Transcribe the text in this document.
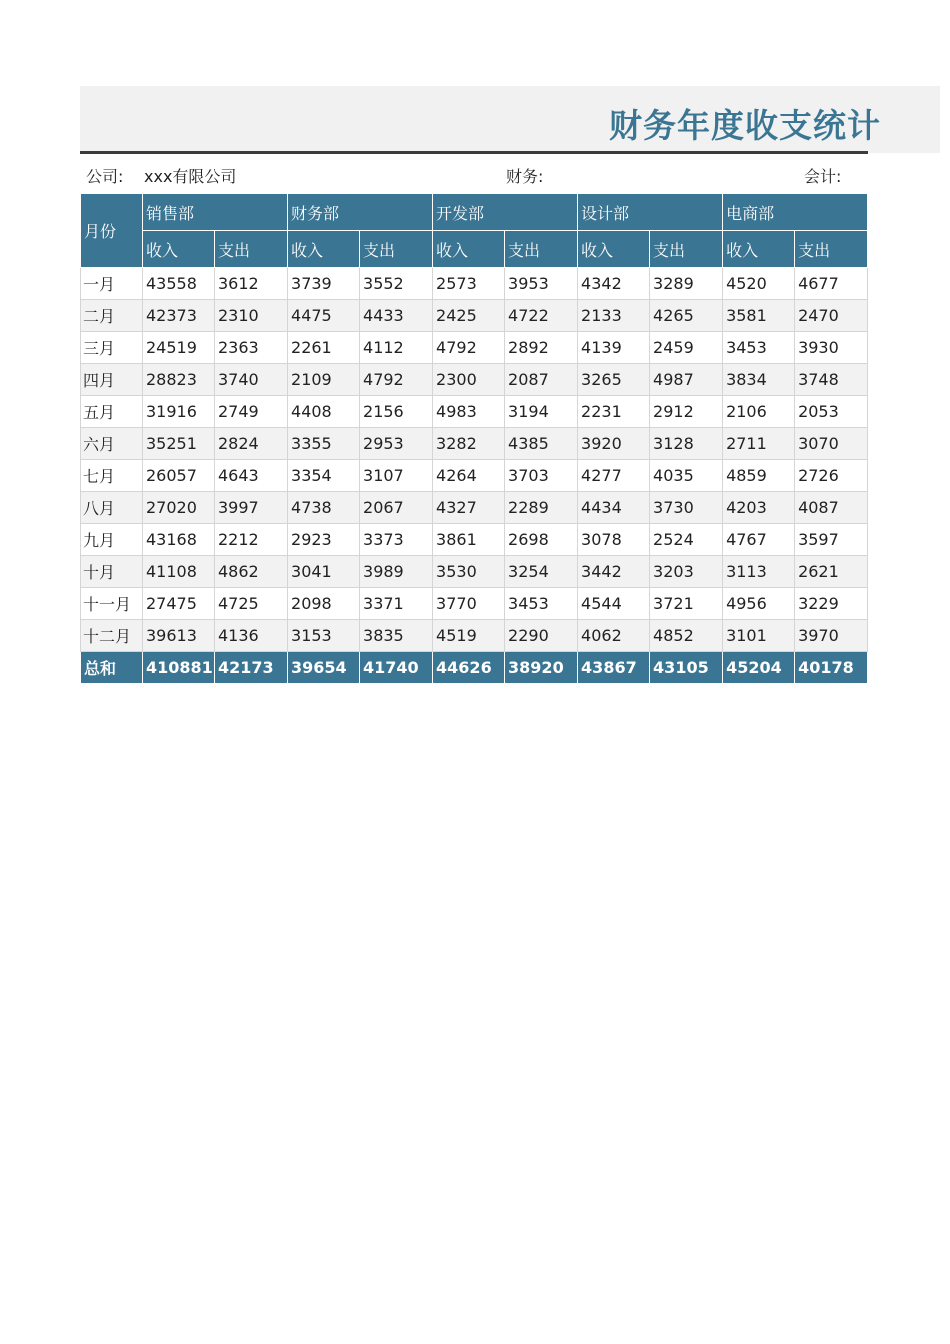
财务年度收支统计
公司: xxx有限公司	财务:	会计:
月份	销售部		财务部		开发部		设计部		电商部	
	收入	支出	收入	支出	收入	支出	收入	支出	收入	支出
一月	43558	3612	3739	3552	2573	3953	4342	3289	4520	4677
二月	42373	2310	4475	4433	2425	4722	2133	4265	3581	2470
三月	24519	2363	2261	4112	4792	2892	4139	2459	3453	3930
四月	28823	3740	2109	4792	2300	2087	3265	4987	3834	3748
五月	31916	2749	4408	2156	4983	3194	2231	2912	2106	2053
六月	35251	2824	3355	2953	3282	4385	3920	3128	2711	3070
七月	26057	4643	3354	3107	4264	3703	4277	4035	4859	2726
八月	27020	3997	4738	2067	4327	2289	4434	3730	4203	4087
九月	43168	2212	2923	3373	3861	2698	3078	2524	4767	3597
十月	41108	4862	3041	3989	3530	3254	3442	3203	3113	2621
十一月	27475	4725	2098	3371	3770	3453	4544	3721	4956	3229
十二月	39613	4136	3153	3835	4519	2290	4062	4852	3101	3970
总和	410881	42173	39654	41740	44626	38920	43867	43105	45204	40178
